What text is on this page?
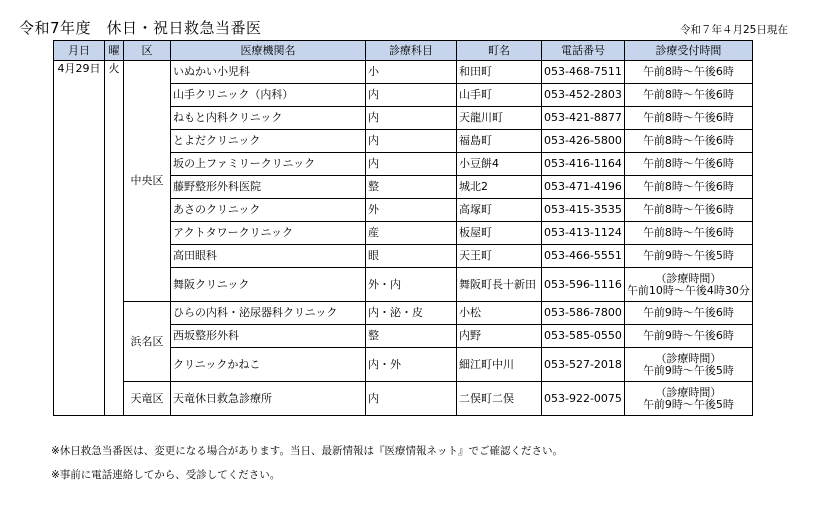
令和7年度　休日・祝日救急当番医	令和７年４月25日現在
月日	曜	区	医療機関名	診療科目	町名	電話番号	診療受付時間
4月29日	火	中央区	いぬかい小児科	小	和田町	053-468-7511	午前8時～午後6時
			山手クリニック（内科）	内	山手町	053-452-2803	午前8時～午後6時
			ねもと内科クリニック	内	天龍川町	053-421-8877	午前8時～午後6時
			とよだクリニック	内	福島町	053-426-5800	午前8時～午後6時
			坂の上ファミリークリニック	内	小豆餅4	053-416-1164	午前8時～午後6時
			藤野整形外科医院	整	城北2	053-471-4196	午前8時～午後6時
			あさのクリニック	外	高塚町	053-415-3535	午前8時～午後6時
			アクトタワークリニック	産	板屋町	053-413-1124	午前8時～午後6時
			高田眼科	眼	天王町	053-466-5551	午前9時～午後5時
			舞阪クリニック	外・内	舞阪町長十新田	053-596-1116	（診療時間）
午前10時～午後4時30分

		浜名区	ひらの内科・泌尿器科クリニック	内・泌・皮	小松	053-586-7800	午前9時～午後6時
			西坂整形外科	整	内野	053-585-0550	午前9時～午後6時
			クリニックかねこ	内・外	細江町中川	053-527-2018	（診療時間）
午前9時～午後5時

		天竜区	天竜休日救急診療所	内	二俣町二俣	053-922-0075	（診療時間）
午前9時～午後5時
※休日救急当番医は、変更になる場合があります。当日、最新情報は『医療情報ネット』でご確認ください。
※事前に電話連絡してから、受診してください。
